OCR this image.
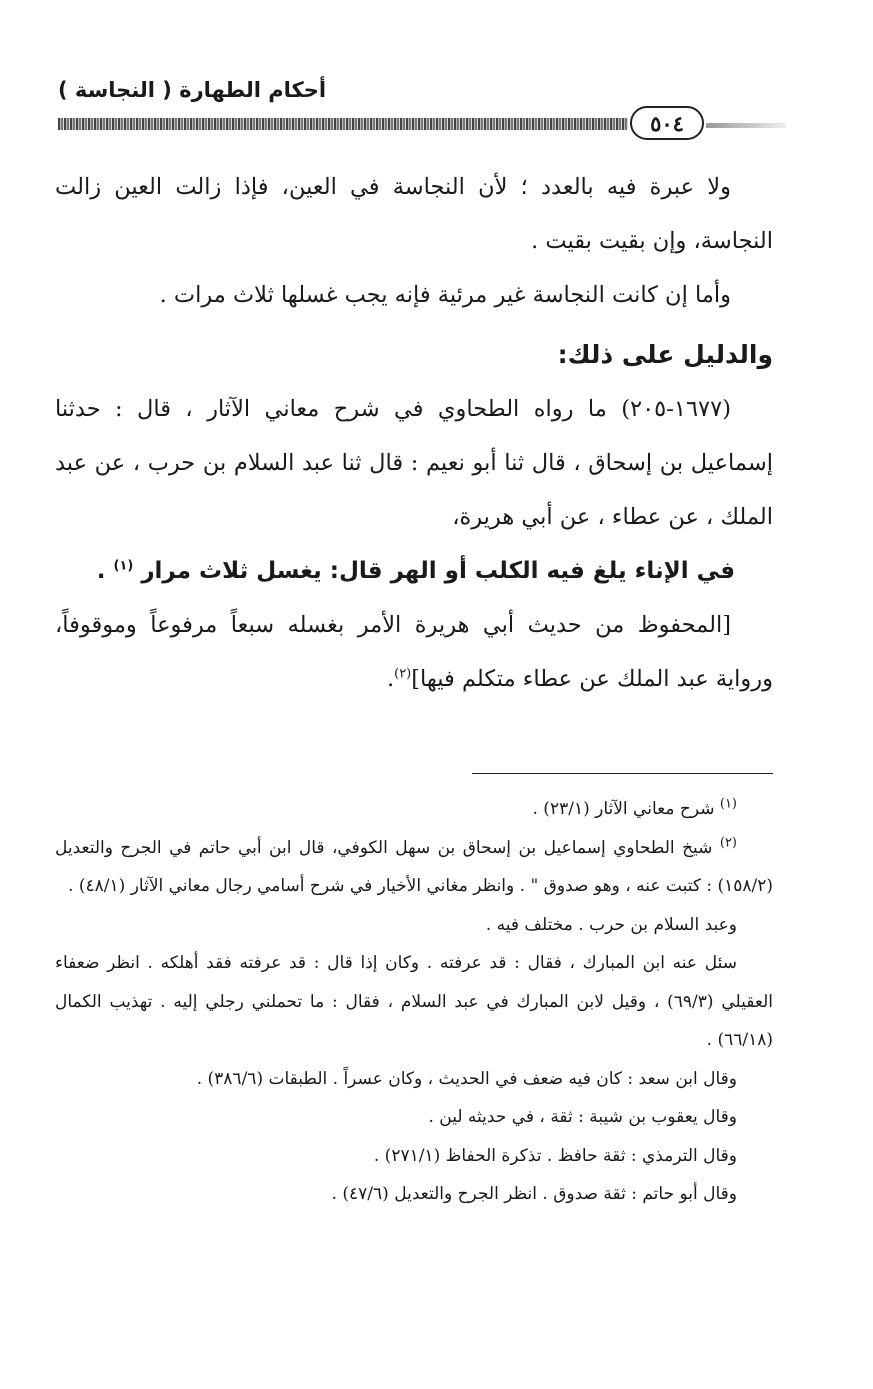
أحكام الطهارة ( النجاسة )
٥٠٤

ولا عبرة فيه بالعدد ؛ لأن النجاسة في العين، فإذا زالت العين زالت النجاسة، وإن بقيت بقيت .

وأما إن كانت النجاسة غير مرئية فإنه يجب غسلها ثلاث مرات .

والدليل على ذلك:

(١٦٧٧-٢٠٥) ما رواه الطحاوي في شرح معاني الآثار ، قال : حدثنا إسماعيل بن إسحاق ، قال ثنا أبو نعيم : قال ثنا عبد السلام بن حرب ، عن عبد الملك ، عن عطاء ، عن أبي هريرة،

في الإناء يلغ فيه الكلب أو الهر قال: يغسل ثلاث مرار $^{(١)}$ .

[المحفوظ من حديث أبي هريرة الأمر بغسله سبعاً مرفوعاً وموقوفاً، ورواية عبد الملك عن عطاء متكلم فيها]$^{(٢)}$.

$^{(١)}$ شرح معاني الآثار (٢٣/١) .

$^{(٢)}$ شيخ الطحاوي إسماعيل بن إسحاق بن سهل الكوفي، قال ابن أبي حاتم في الجرح والتعديل (١٥٨/٢) : كتبت عنه ، وهو صدوق " . وانظر مغاني الأخيار في شرح أسامي رجال معاني الآثار (٤٨/١) .

وعبد السلام بن حرب . مختلف فيه .

سئل عنه ابن المبارك ، فقال : قد عرفته . وكان إذا قال : قد عرفته فقد أهلكه . انظر ضعفاء العقيلي (٦٩/٣) ، وقيل لابن المبارك في عبد السلام ، فقال : ما تحملني رجلي إليه . تهذيب الكمال (٦٦/١٨) .

وقال ابن سعد : كان فيه ضعف في الحديث ، وكان عسراً . الطبقات (٣٨٦/٦) .

وقال يعقوب بن شيبة : ثقة ، في حديثه لين .

وقال الترمذي : ثقة حافظ . تذكرة الحفاظ (٢٧١/١) .

وقال أبو حاتم : ثقة صدوق . انظر الجرح والتعديل (٤٧/٦) .
